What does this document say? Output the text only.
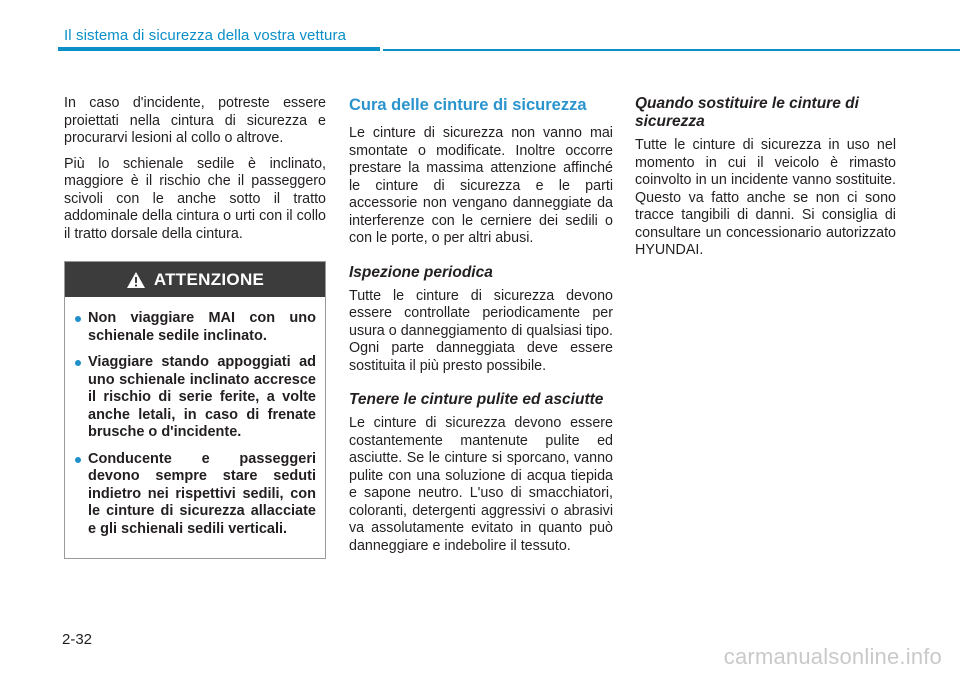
Il sistema di sicurezza della vostra vettura

In caso d'incidente, potreste essere proiettati nella cintura di sicurezza e procurarvi lesioni al collo o altrove.

Più lo schienale sedile è inclinato, maggiore è il rischio che il passeggero scivoli con le anche sotto il tratto addominale della cintura o urti con il collo il tratto dorsale della cintura.

ATTENZIONE
Non viaggiare MAI con uno schienale sedile inclinato.
Viaggiare stando appoggiati ad uno schienale inclinato accresce il rischio di serie ferite, a volte anche letali, in caso di frenate brusche o d'incidente.
Conducente e passeggeri devono sempre stare seduti indietro nei rispettivi sedili, con le cinture di sicurezza allacciate e gli schienali sedili verticali.
Cura delle cinture di sicurezza

Le cinture di sicurezza non vanno mai smontate o modificate. Inoltre occorre prestare la massima attenzione affinché le cinture di sicurezza e le parti accessorie non vengano danneggiate da interferenze con le cerniere dei sedili o con le porte, o per altri abusi.

Ispezione periodica

Tutte le cinture di sicurezza devono essere controllate periodicamente per usura o danneggiamento di qualsiasi tipo. Ogni parte danneggiata deve essere sostituita il più presto possibile.

Tenere le cinture pulite ed asciutte

Le cinture di sicurezza devono essere costantemente mantenute pulite ed asciutte. Se le cinture si sporcano, vanno pulite con una soluzione di acqua tiepida e sapone neutro. L'uso di smacchiatori, coloranti, detergenti aggressivi o abrasivi va assolutamente evitato in quanto può danneggiare e indebolire il tessuto.

Quando sostituire le cinture di sicurezza

Tutte le cinture di sicurezza in uso nel momento in cui il veicolo è rimasto coinvolto in un incidente vanno sostituite. Questo va fatto anche se non ci sono tracce tangibili di danni. Si consiglia di consultare un concessionario autorizzato HYUNDAI.

2-32
carmanualsonline.info
